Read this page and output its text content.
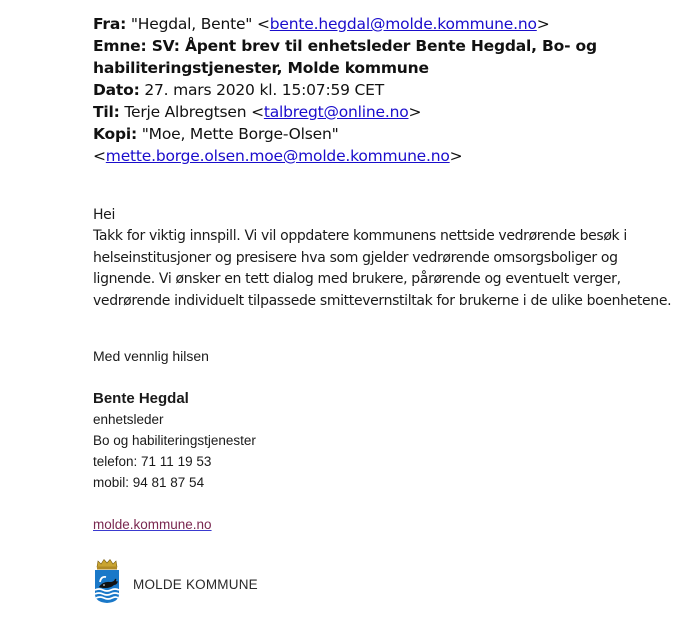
Fra: "Hegdal, Bente" <bente.hegdal@molde.kommune.no>
Emne: SV: Åpent brev til enhetsleder Bente Hegdal, Bo- og habiliteringstjenester, Molde kommune
Dato: 27. mars 2020 kl. 15:07:59 CET
Til: Terje Albregtsen <talbregt@online.no>
Kopi: "Moe, Mette Borge-Olsen"
<mette.borge.olsen.moe@molde.kommune.no>
Hei
Takk for viktig innspill. Vi vil oppdatere kommunens nettside vedrørende besøk i helseinstitusjoner og presisere hva som gjelder vedrørende omsorgsboliger og lignende. Vi ønsker en tett dialog med brukere, pårørende og eventuelt verger, vedrørende individuelt tilpassede smittevernstiltak for brukerne i de ulike boenhetene.
Med vennlig hilsen
Bente Hegdal
enhetsleder
Bo og habiliteringstjenester
telefon: 71 11 19 53
mobil: 94 81 87 54
molde.kommune.no
MOLDE KOMMUNE
